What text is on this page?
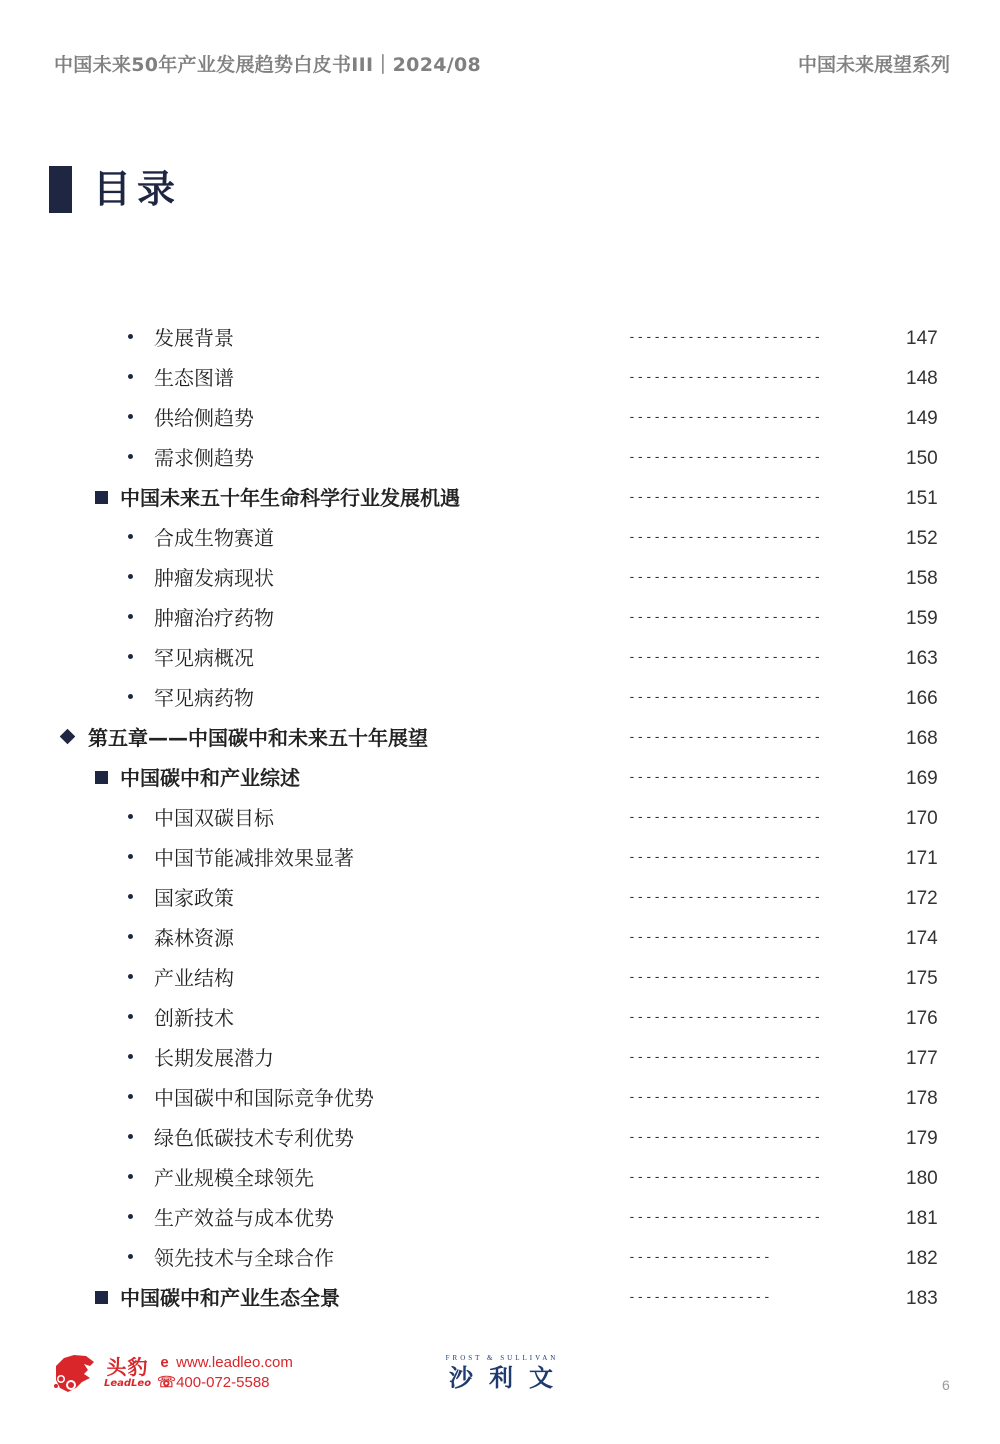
中国未来50年产业发展趋势白皮书III｜2024/08	中国未来展望系列
目录
发展背景	-----------------------	147
生态图谱	-----------------------	148
供给侧趋势	-----------------------	149
需求侧趋势	-----------------------	150
中国未来五十年生命科学行业发展机遇	-----------------------	151
合成生物赛道	-----------------------	152
肿瘤发病现状	-----------------------	158
肿瘤治疗药物	-----------------------	159
罕见病概况	-----------------------	163
罕见病药物	-----------------------	166
第五章——中国碳中和未来五十年展望	-----------------------	168
中国碳中和产业综述	-----------------------	169
中国双碳目标	-----------------------	170
中国节能减排效果显著	-----------------------	171
国家政策	-----------------------	172
森林资源	-----------------------	174
产业结构	-----------------------	175
创新技术	-----------------------	176
长期发展潜力	-----------------------	177
中国碳中和国际竞争优势	-----------------------	178
绿色低碳技术专利优势	-----------------------	179
产业规模全球领先	-----------------------	180
生产效益与成本优势	-----------------------	181
领先技术与全球合作	-----------------	182
中国碳中和产业生态全景	-----------------	183
头豹
LeadLeo
e www.leadleo.com
☏ 400-072-5588
FROST & SULLIVAN
沙利文	6
